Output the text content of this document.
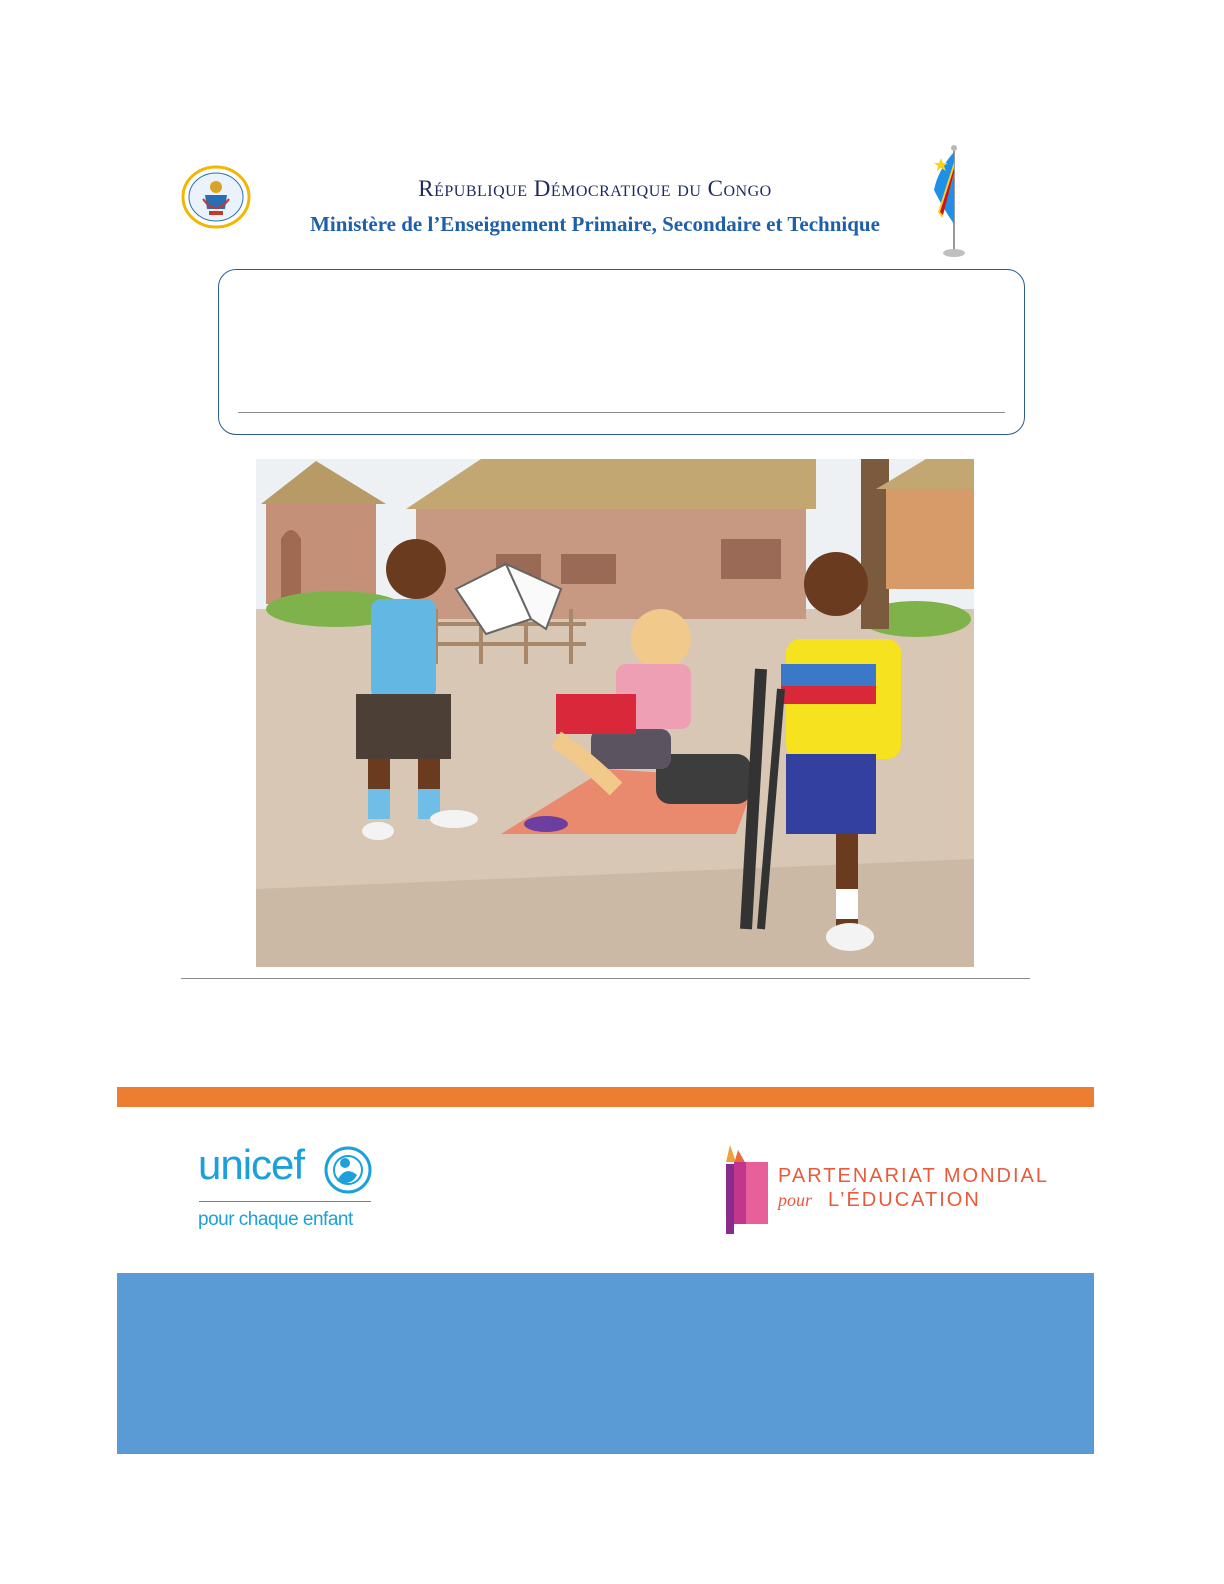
République Démocratique du Congo
Ministère de l’Enseignement Primaire, Secondaire et Technique
unicef
pour chaque enfant
PARTENARIAT MONDIAL
pour L’ÉDUCATION
